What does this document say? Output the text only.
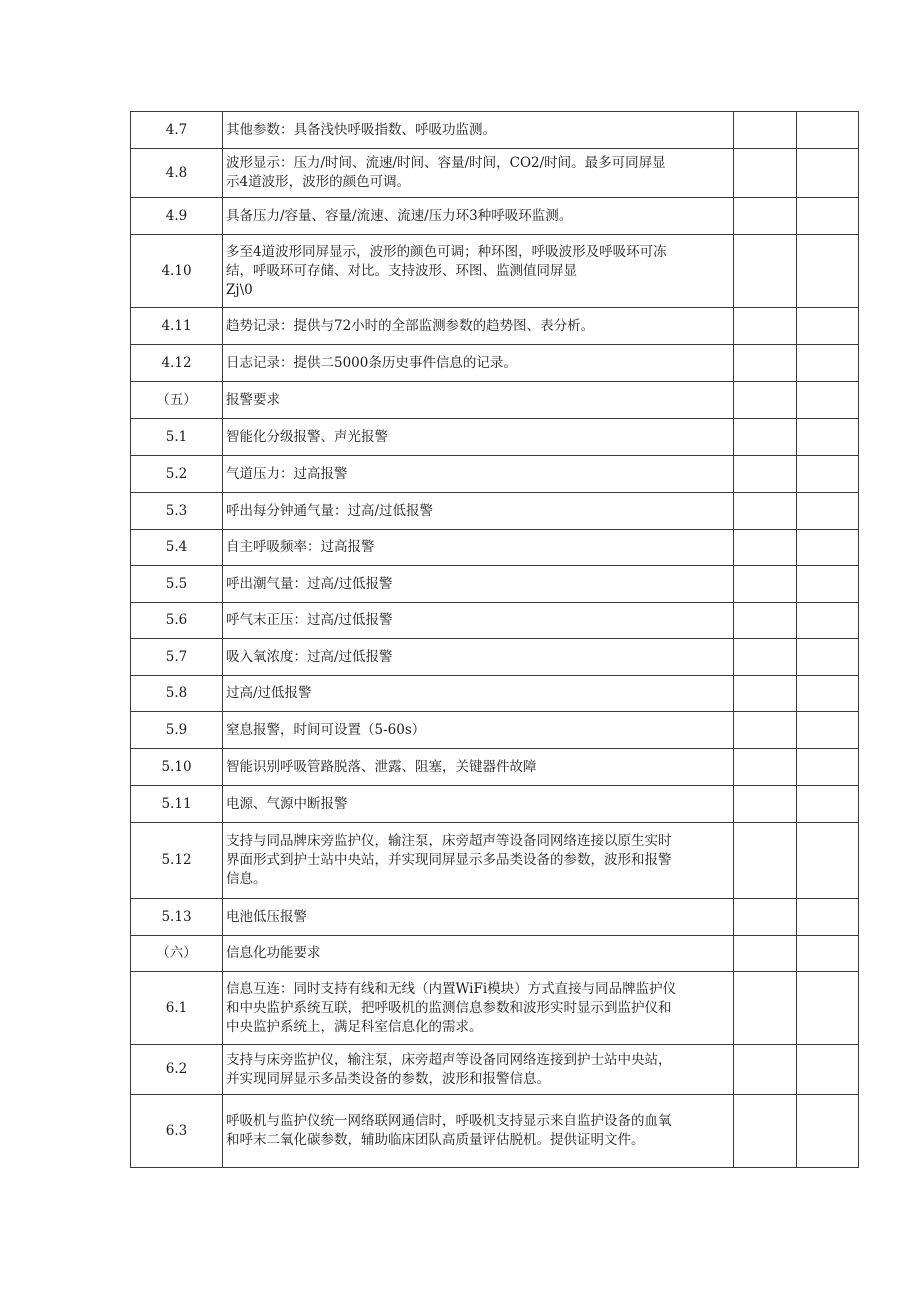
4.7	其他参数：具备浅快呼吸指数、呼吸功监测。		

4.8	波形显示：压力/时间、流速/时间、容量/时间，CO2/时间。最多可同屏显
示4道波形，波形的颜色可调。		

4.9	具备压力/容量、容量/流速、流速/压力环3种呼吸环监测。		

4.10	多至4道波形同屏显示，波形的颜色可调；种环图，呼吸波形及呼吸环可冻
结，呼吸环可存储、对比。支持波形、环图、监测值同屏显
Zj\0		

4.11	趋势记录：提供与72小时的全部监测参数的趋势图、表分析。		

4.12	日志记录：提供二5000条历史事件信息的记录。		

（五）	报警要求		

5.1	智能化分级报警、声光报警		

5.2	气道压力：过高报警		

5.3	呼出每分钟通气量：过高/过低报警		

5.4	自主呼吸频率：过高报警		

5.5	呼出潮气量：过高/过低报警		

5.6	呼气末正压：过高/过低报警		

5.7	吸入氧浓度：过高/过低报警		

5.8	过高/过低报警		

5.9	窒息报警，时间可设置（5-60s）		

5.10	智能识别呼吸管路脱落、泄露、阻塞，关键器件故障		

5.11	电源、气源中断报警		

5.12	支持与同品牌床旁监护仪，输注泵，床旁超声等设备同网络连接以原生实时
界面形式到护士站中央站，并实现同屏显示多品类设备的参数，波形和报警
信息。		

5.13	电池低压报警		

（六）	信息化功能要求		

6.1	信息互连：同时支持有线和无线（内置WiFi模块）方式直接与同品牌监护仪
和中央监护系统互联，把呼吸机的监测信息参数和波形实时显示到监护仪和
中央监护系统上，满足科室信息化的需求。		

6.2	支持与床旁监护仪，输注泵，床旁超声等设备同网络连接到护士站中央站，
并实现同屏显示多品类设备的参数，波形和报警信息。		

6.3	呼吸机与监护仪统一网络联网通信时，呼吸机支持显示来自监护设备的血氧
和呼末二氧化碳参数，辅助临床团队高质量评估脱机。提供证明文件。		
